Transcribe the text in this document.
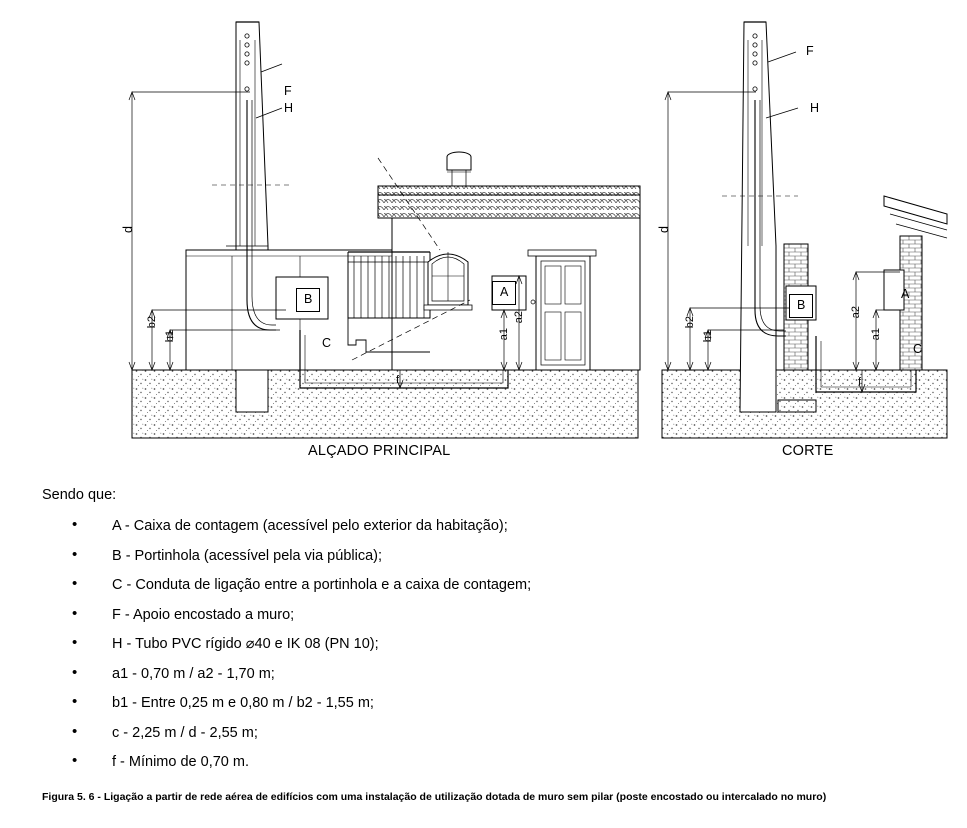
F
H
B	A
C
d
b2
b1	a1
a2
f
F
H
B
A
C
d
b2
b1	a1
a2
f
ALÇADO PRINCIPAL	CORTE

Sendo que:

• A - Caixa de contagem (acessível pelo exterior da habitação);
• B - Portinhola (acessível pela via pública);
• C - Conduta de ligação entre a portinhola e a caixa de contagem;
• F - Apoio encostado a muro;
• H - Tubo PVC rígido ⌀40 e IK 08 (PN 10);
• a1 - 0,70 m / a2 - 1,70 m;
• b1 - Entre 0,25 m e 0,80 m / b2 - 1,55 m;
• c - 2,25 m / d - 2,55 m;
• f - Mínimo de 0,70 m.
Figura 5. 6 - Ligação a partir de rede aérea de edifícios com uma instalação de utilização dotada de muro sem pilar (poste encostado ou intercalado no muro)
